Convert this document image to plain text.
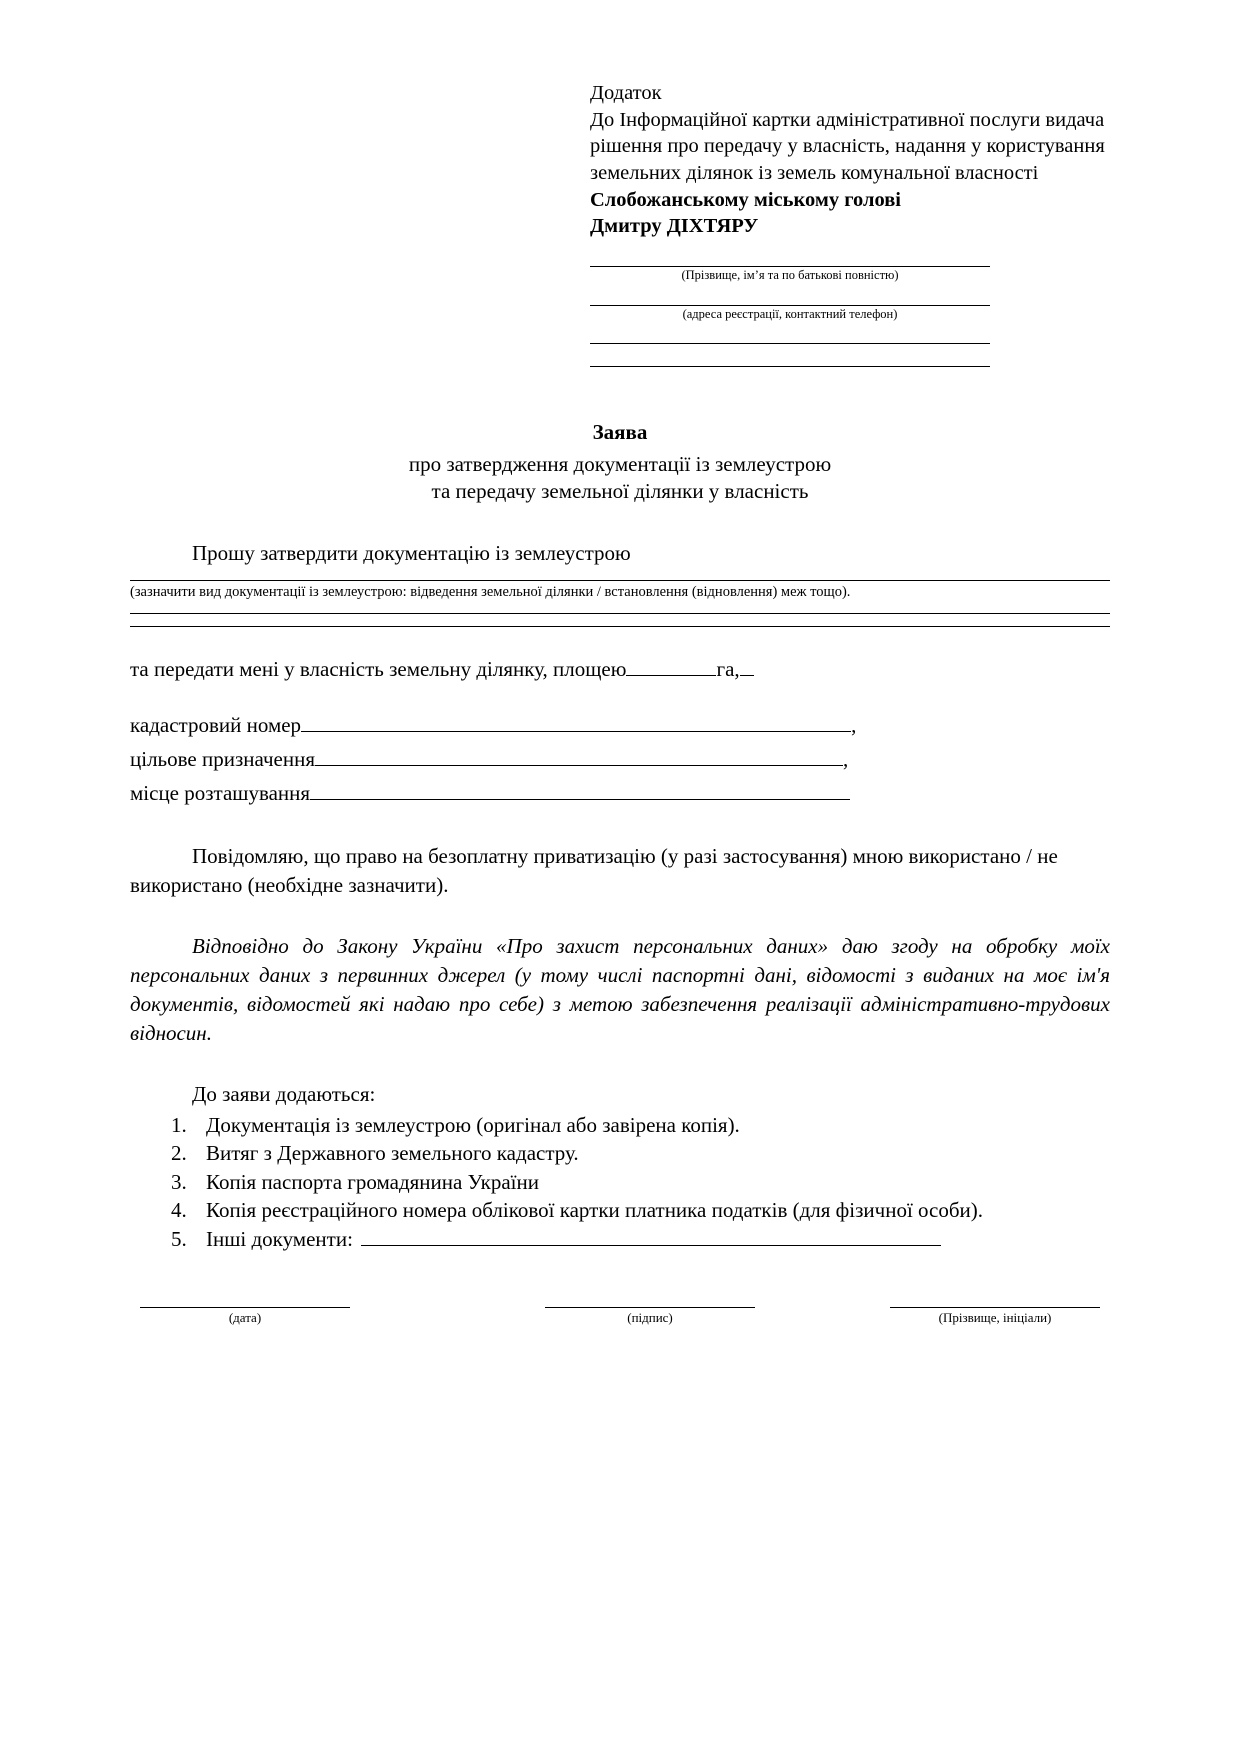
Додаток
До Інформаційної картки адміністративної послуги видача рішення про передачу у власність, надання у користування земельних ділянок із земель комунальної власності
Слобожанському міському голові
Дмитру ДІХТЯРУ
(Прізвище, ім’я та по батькові повністю)
(адреса реєстрації, контактний телефон)
Заява
про затвердження документації із землеустрою
та передачу земельної ділянки у власність
Прошу затвердити документацію із землеустрою
(зазначити вид документації із землеустрою: відведення земельної ділянки / встановлення (відновлення) меж тощо).
та передати мені у власність земельну ділянку, площею	га,
кадастровий номер	,
цільове призначення	,
місце розташування
Повідомляю, що право на безоплатну приватизацію (у разі застосування) мною використано / не використано (необхідне зазначити).
Відповідно до Закону України «Про захист персональних даних» даю згоду на обробку моїх персональних даних з первинних джерел (у тому числі паспортні дані, відомості з виданих на моє ім'я документів, відомостей які надаю про себе) з метою забезпечення реалізації адміністративно-трудових відносин.
До заяви додаються:
1. Документація із землеустрою (оригінал або завірена копія).
2. Витяг з Державного земельного кадастру.
3. Копія паспорта громадянина України
4. Копія реєстраційного номера облікової картки платника податків (для фізичної особи).
5. Інші документи:
(дата)	(підпис)	(Прізвище, ініціали)
